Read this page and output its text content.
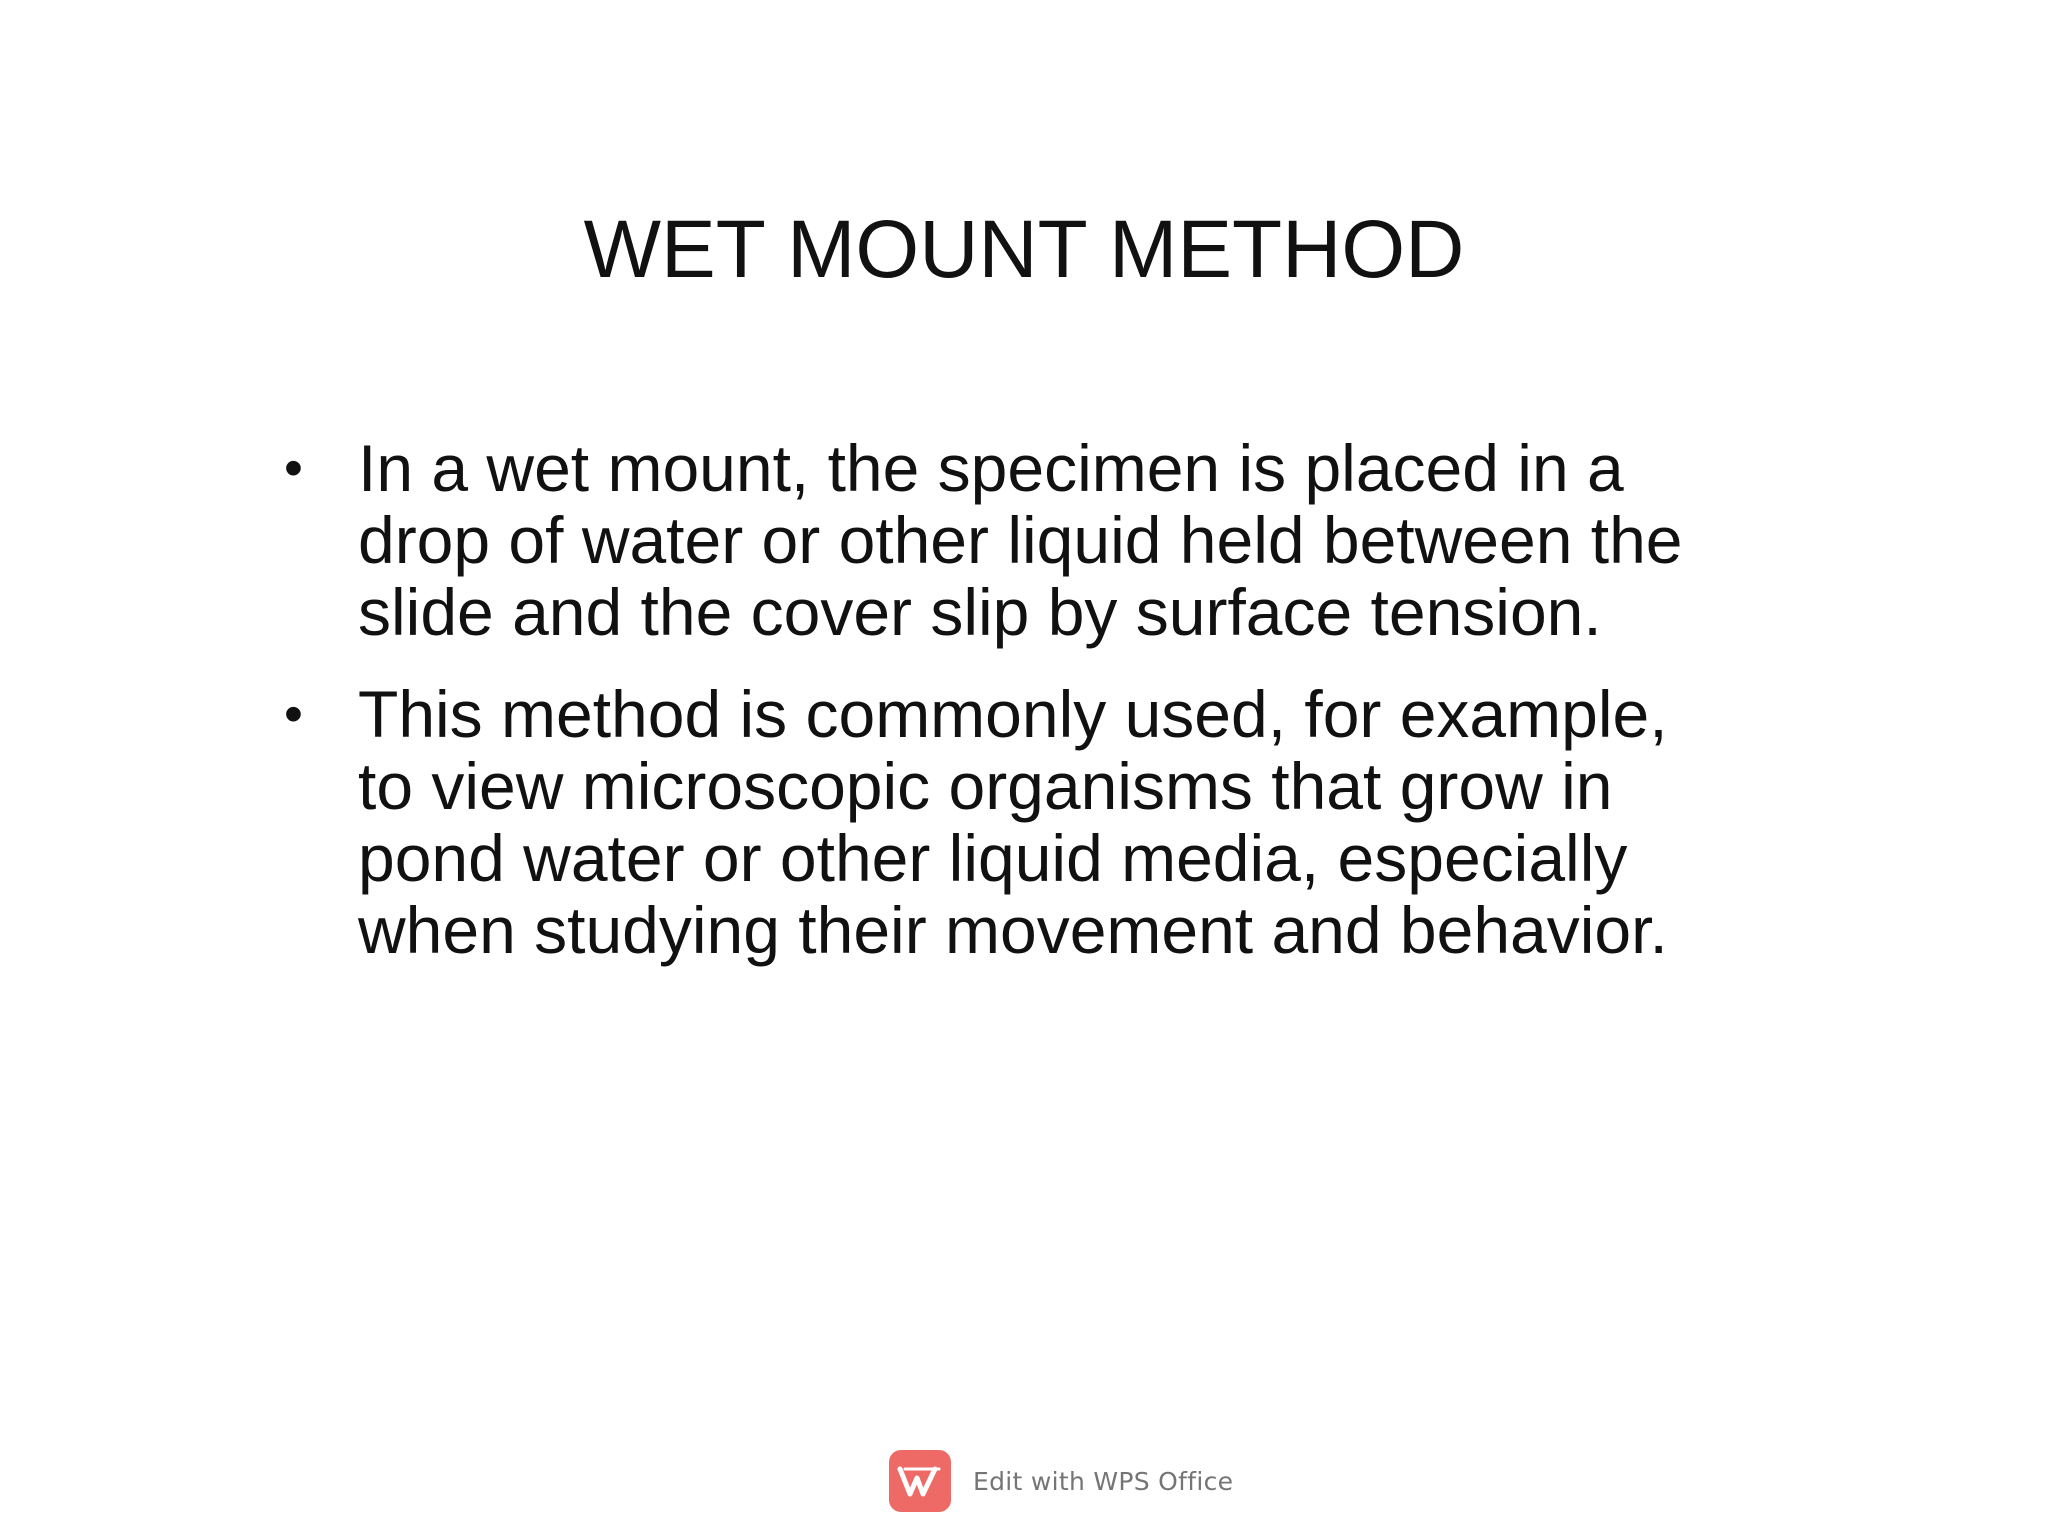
WET MOUNT METHOD
• In a wet mount, the specimen is placed in a
drop of water or other liquid held between the
slide and the cover slip by surface tension.
• This method is commonly used, for example,
to view microscopic organisms that grow in
pond water or other liquid media, especially
when studying their movement and behavior.
Edit with WPS Office
